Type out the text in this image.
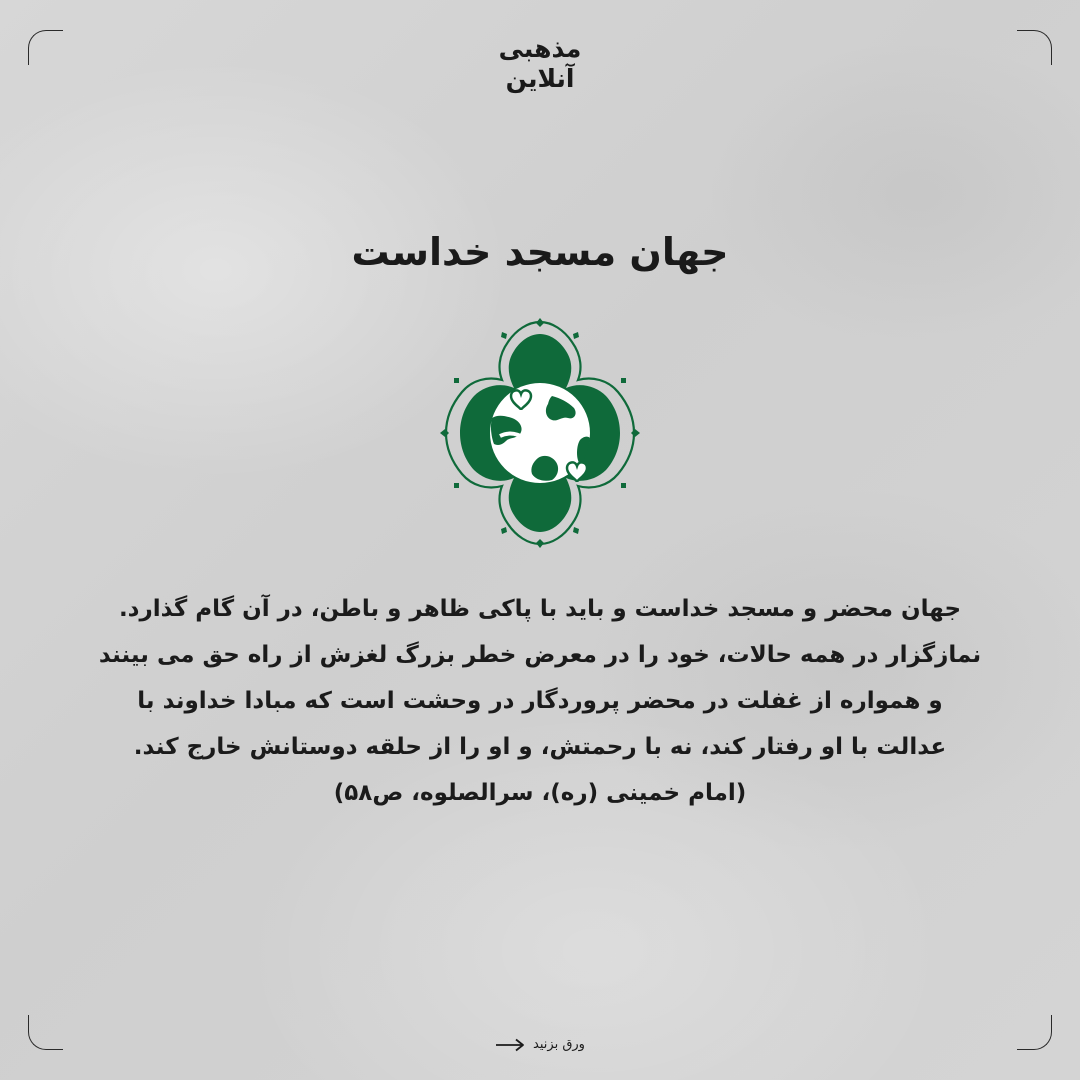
مذهبی
آنلاین
جهان مسجد خداست
جهان محضر و مسجد خداست و باید با پاکی ظاهر و باطن، در آن گام گذارد.
نمازگزار در همه حالات، خود را در معرض خطر بزرگ لغزش از راه حق می بینند
و همواره از غفلت در محضر پروردگار در وحشت است که مبادا خداوند با
عدالت با او رفتار کند، نه با رحمتش، و او را از حلقه دوستانش خارج کند.
(امام خمینی (ره)، سرالصلوه، ص۵۸)
ورق بزنید
